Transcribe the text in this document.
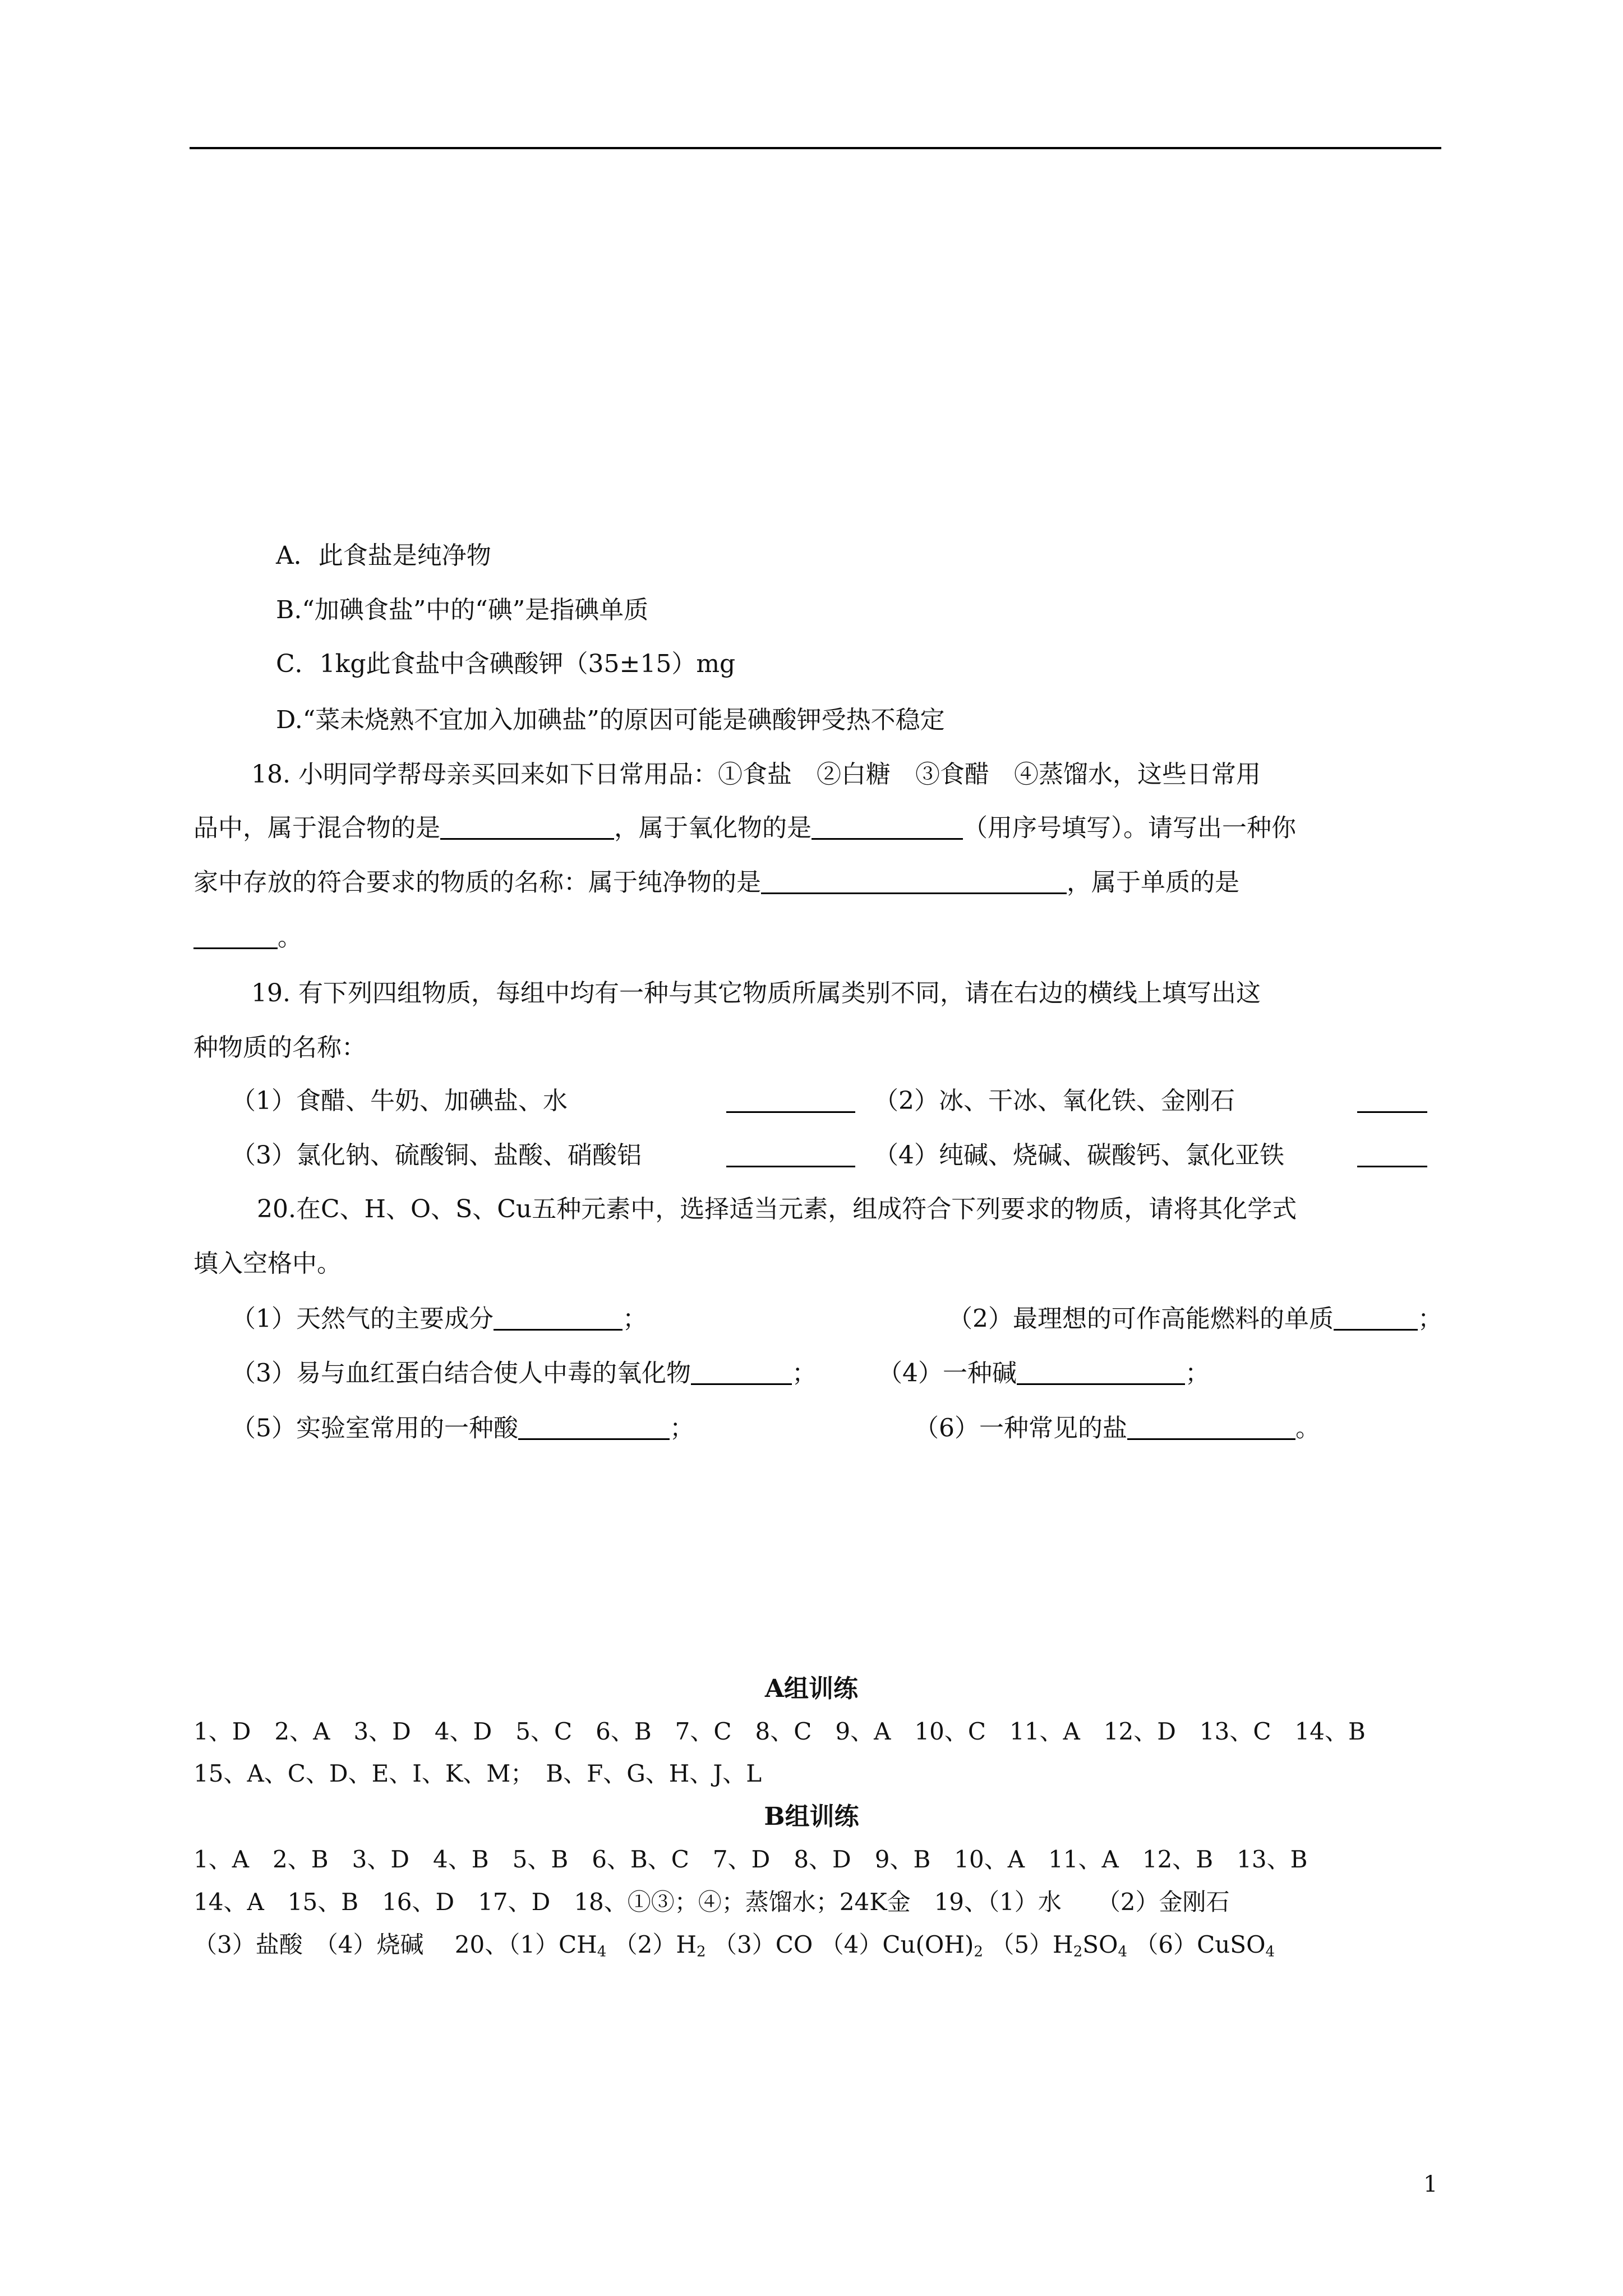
A．此食盐是纯净物
B.“加碘食盐”中的“碘”是指碘单质
C．1kg此食盐中含碘酸钾（35±15）mg
D.“菜未烧熟不宜加入加碘盐”的原因可能是碘酸钾受热不稳定
18. 小明同学帮母亲买回来如下日常用品：①食盐　②白糖　③食醋　④蒸馏水，这些日常用
品中，属于混合物的是	，属于氧化物的是	（用序号填写）。请写出一种你
家中存放的符合要求的物质的名称：属于纯净物的是	，属于单质的是
。
19. 有下列四组物质，每组中均有一种与其它物质所属类别不同，请在右边的横线上填写出这
种物质的名称：
（1）食醋、牛奶、加碘盐、水	（2）冰、干冰、氧化铁、金刚石
（3）氯化钠、硫酸铜、盐酸、硝酸铝	（4）纯碱、烧碱、碳酸钙、氯化亚铁
20.在C、H、O、S、Cu五种元素中，选择适当元素，组成符合下列要求的物质，请将其化学式
填入空格中。
（1）天然气的主要成分	；	（2）最理想的可作高能燃料的单质	；
（3）易与血红蛋白结合使人中毒的氧化物	； （4）一种碱	；
（5）实验室常用的一种酸	；	（6）一种常见的盐	。
A组训练
1、D　2、A　3、D　4、D　5、C　6、B　7、C　8、C　9、A　10、C　11、A　12、D　13、C　14、B
15、A、C、D、E、I、K、M；　B、F、G、H、J、L
B组训练
1、A　2、B　3、D　4、B　5、B　6、B、C　7、D　8、D　9、B　10、A　11、A　12、B　13、B
14、A　15、B　16、D　17、D　18、①③；④；蒸馏水；24K金　19、（1）水　　（2）金刚石
（3）盐酸　（4）烧碱　 20、$(1)CH_4$ $(2)H_2$ （3）CO $(4)Cu(OH)_2$ $(5)H_2SO_4$ （6）CuSO$_4$
1
